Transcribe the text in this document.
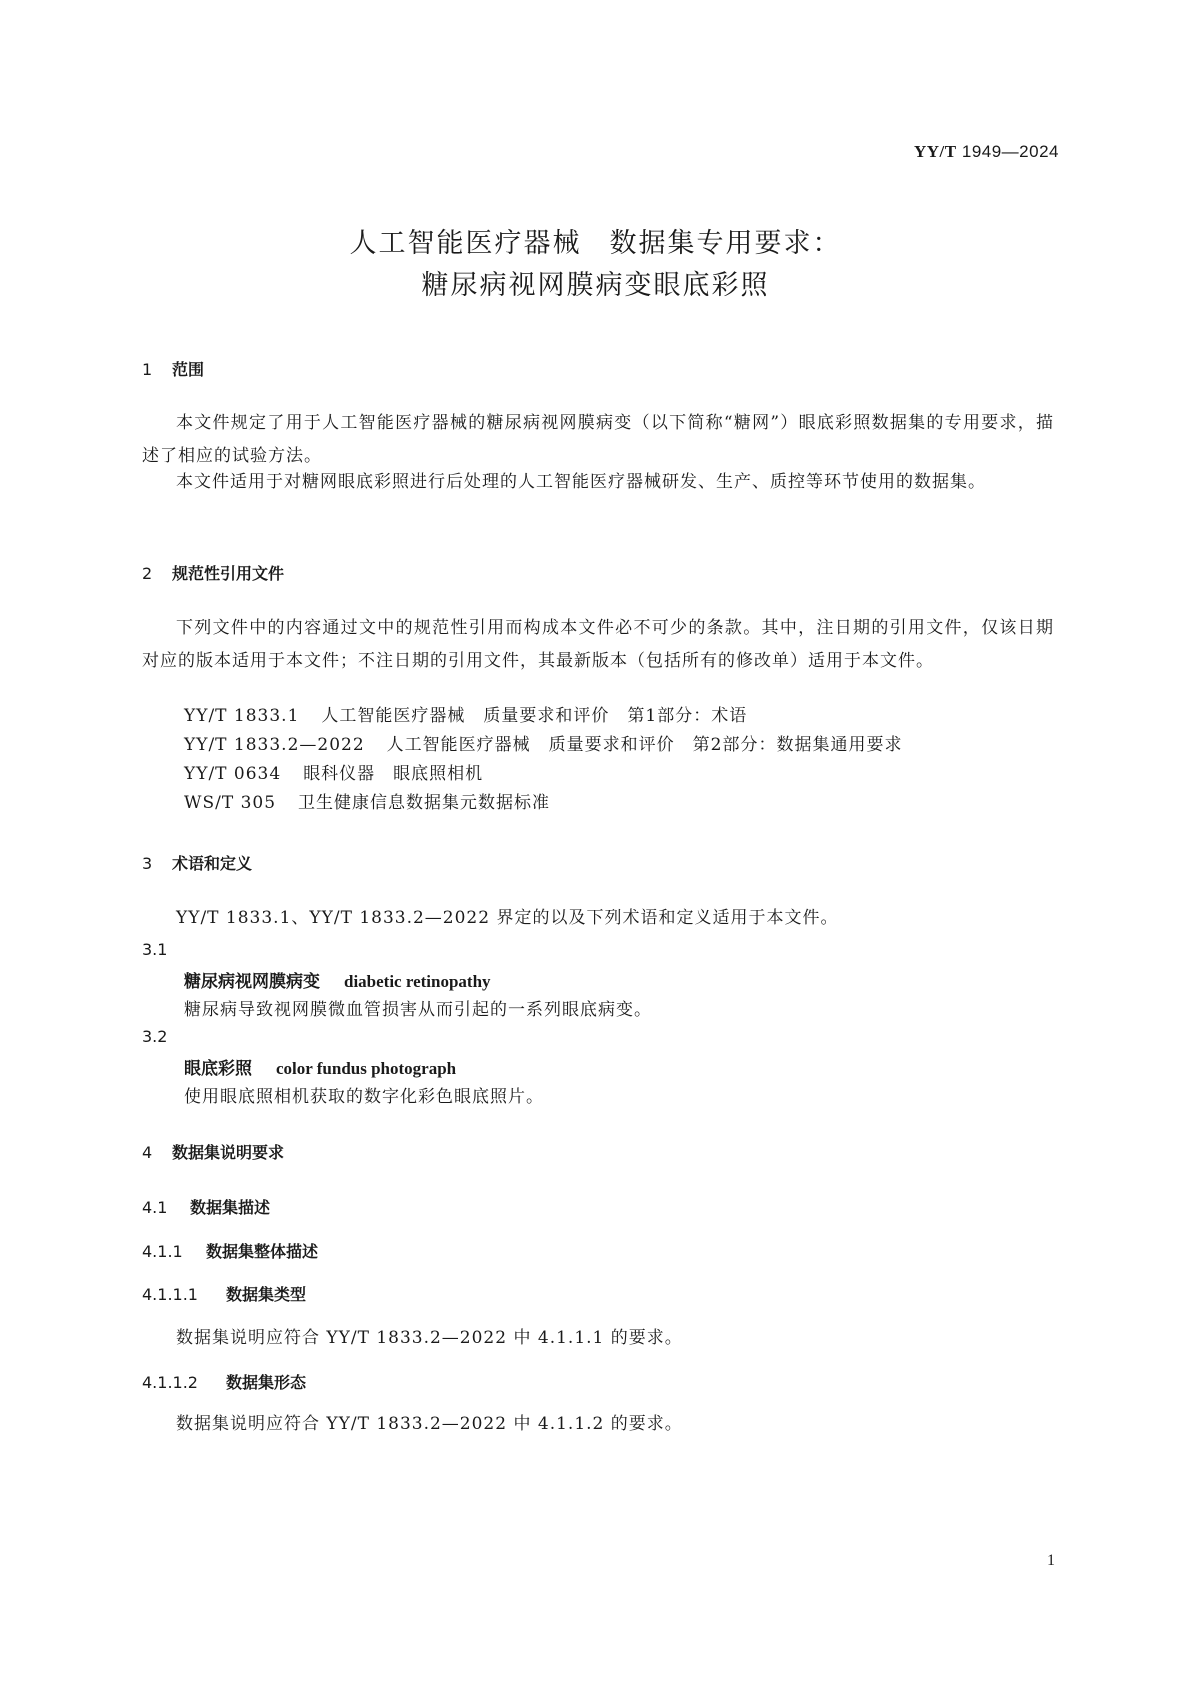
YY/T 1949—2024
人工智能医疗器械 数据集专用要求：
糖尿病视网膜病变眼底彩照
1 范围
本文件规定了用于人工智能医疗器械的糖尿病视网膜病变（以下简称“糖网”）眼底彩照数据集的专用要求，描述了相应的试验方法。
本文件适用于对糖网眼底彩照进行后处理的人工智能医疗器械研发、生产、质控等环节使用的数据集。
2 规范性引用文件
下列文件中的内容通过文中的规范性引用而构成本文件必不可少的条款。其中，注日期的引用文件，仅该日期对应的版本适用于本文件；不注日期的引用文件，其最新版本（包括所有的修改单）适用于本文件。
YY/T 1833.1 人工智能医疗器械　质量要求和评价　第1部分：术语
YY/T 1833.2—2022 人工智能医疗器械　质量要求和评价　第2部分：数据集通用要求
YY/T 0634 眼科仪器　眼底照相机
WS/T 305 卫生健康信息数据集元数据标准
3 术语和定义
YY/T 1833.1、YY/T 1833.2—2022 界定的以及下列术语和定义适用于本文件。
3.1
糖尿病视网膜病变 diabetic retinopathy
糖尿病导致视网膜微血管损害从而引起的一系列眼底病变。
3.2
眼底彩照 color fundus photograph
使用眼底照相机获取的数字化彩色眼底照片。
4 数据集说明要求
4.1 数据集描述
4.1.1 数据集整体描述
4.1.1.1 数据集类型
数据集说明应符合 YY/T 1833.2—2022 中 4.1.1.1 的要求。
4.1.1.2 数据集形态
数据集说明应符合 YY/T 1833.2—2022 中 4.1.1.2 的要求。
1
